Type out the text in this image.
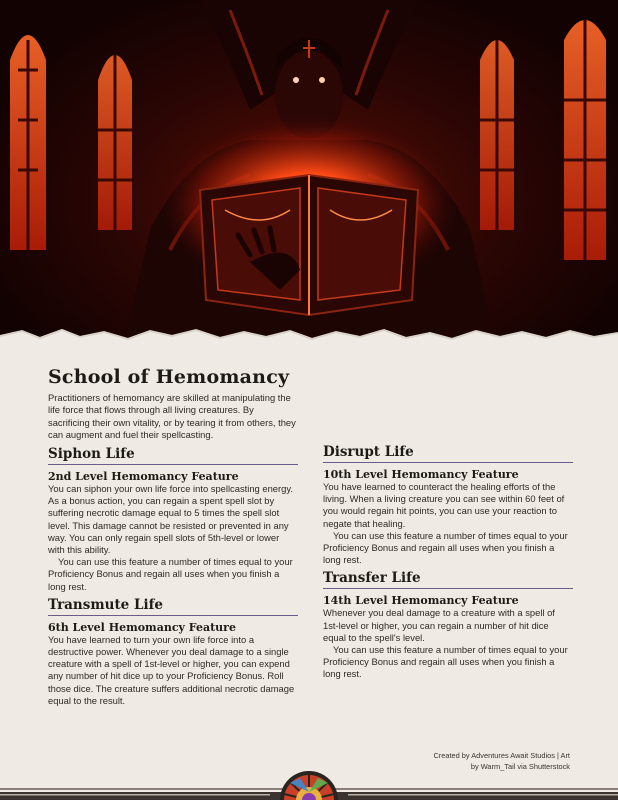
School of Hemomancy

Practitioners of hemomancy are skilled at manipulating the life force that flows through all living creatures. By sacrificing their own vitality, or by tearing it from others, they can augment and fuel their spellcasting.

Siphon Life
2nd Level Hemomancy Feature

You can siphon your own life force into spellcasting energy. As a bonus action, you can regain a spent spell slot by suffering necrotic damage equal to 5 times the spell slot level. This damage cannot be resisted or prevented in any way. You can only regain spell slots of 5th-level or lower with this ability.

You can use this feature a number of times equal to your Proficiency Bonus and regain all uses when you finish a long rest.

Transmute Life
6th Level Hemomancy Feature

You have learned to turn your own life force into a destructive power. Whenever you deal damage to a single creature with a spell of 1st-level or higher, you can expend any number of hit dice up to your Proficiency Bonus. Roll those dice. The creature suffers additional necrotic damage equal to the result.

Disrupt Life
10th Level Hemomancy Feature

You have learned to counteract the healing efforts of the living. When a living creature you can see within 60 feet of you would regain hit points, you can use your reaction to negate that healing.

You can use this feature a number of times equal to your Proficiency Bonus and regain all uses when you finish a long rest.

Transfer Life
14th Level Hemomancy Feature

Whenever you deal damage to a creature with a spell of 1st-level or higher, you can regain a number of hit dice equal to the spell's level.

You can use this feature a number of times equal to your Proficiency Bonus and regain all uses when you finish a long rest.

Created by Adventures Await Studios | Art
by Warm_Tail via Shutterstock
